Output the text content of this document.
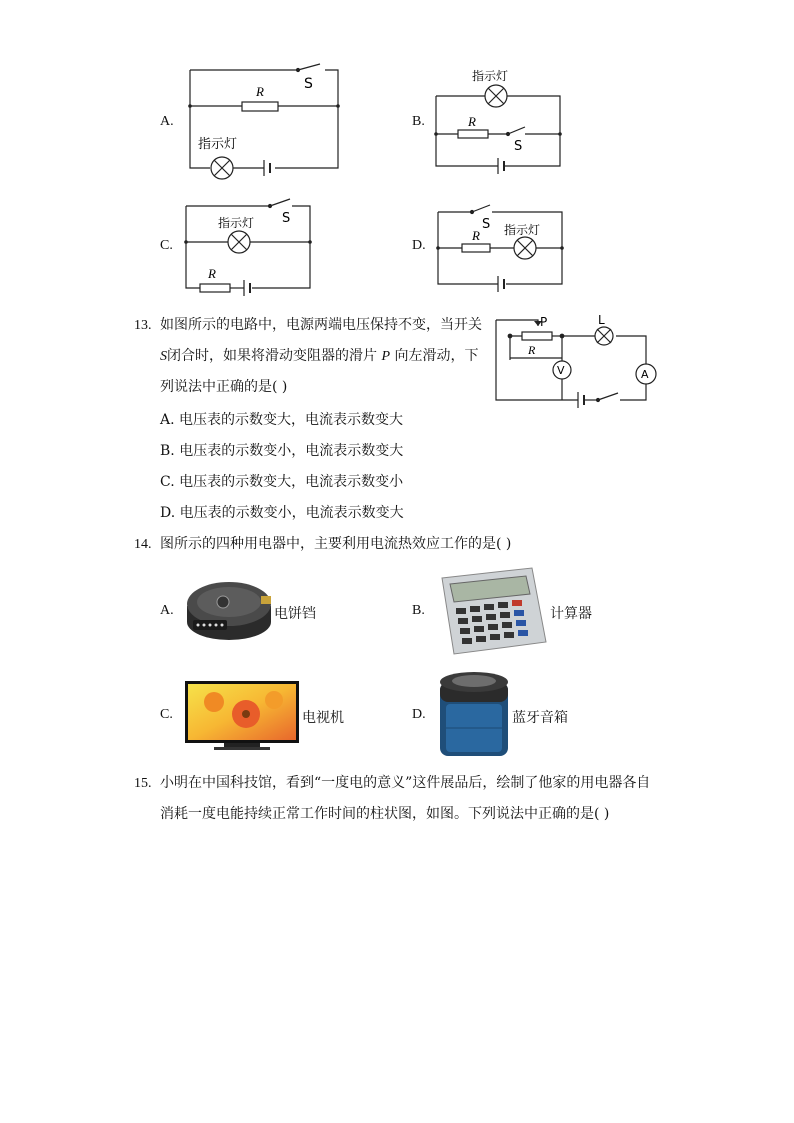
A.
S
R
指示灯
B.
指示灯
R
S
C.
S
指示灯
R
D.
S
R 指示灯
13. 如图所示的电路中，电源两端电压保持不变，当开关
S闭合时，如果将滑动变阻器的滑片 P 向左滑动，下
列说法中正确的是( )
P	L
R
V	A
A. 电压表的示数变大，电流表示数变大
B. 电压表的示数变小，电流表示数变大
C. 电压表的示数变大，电流表示数变小
D. 电压表的示数变小，电流表示数变大
14. 图所示的四种用电器中，主要利用电流热效应工作的是( )
A.	电饼铛	B.	计算器
C.	电视机	D.	蓝牙音箱
15. 小明在中国科技馆，看到“一度电的意义”这件展品后，绘制了他家的用电器各自
消耗一度电能持续正常工作时间的柱状图，如图。下列说法中正确的是( )
